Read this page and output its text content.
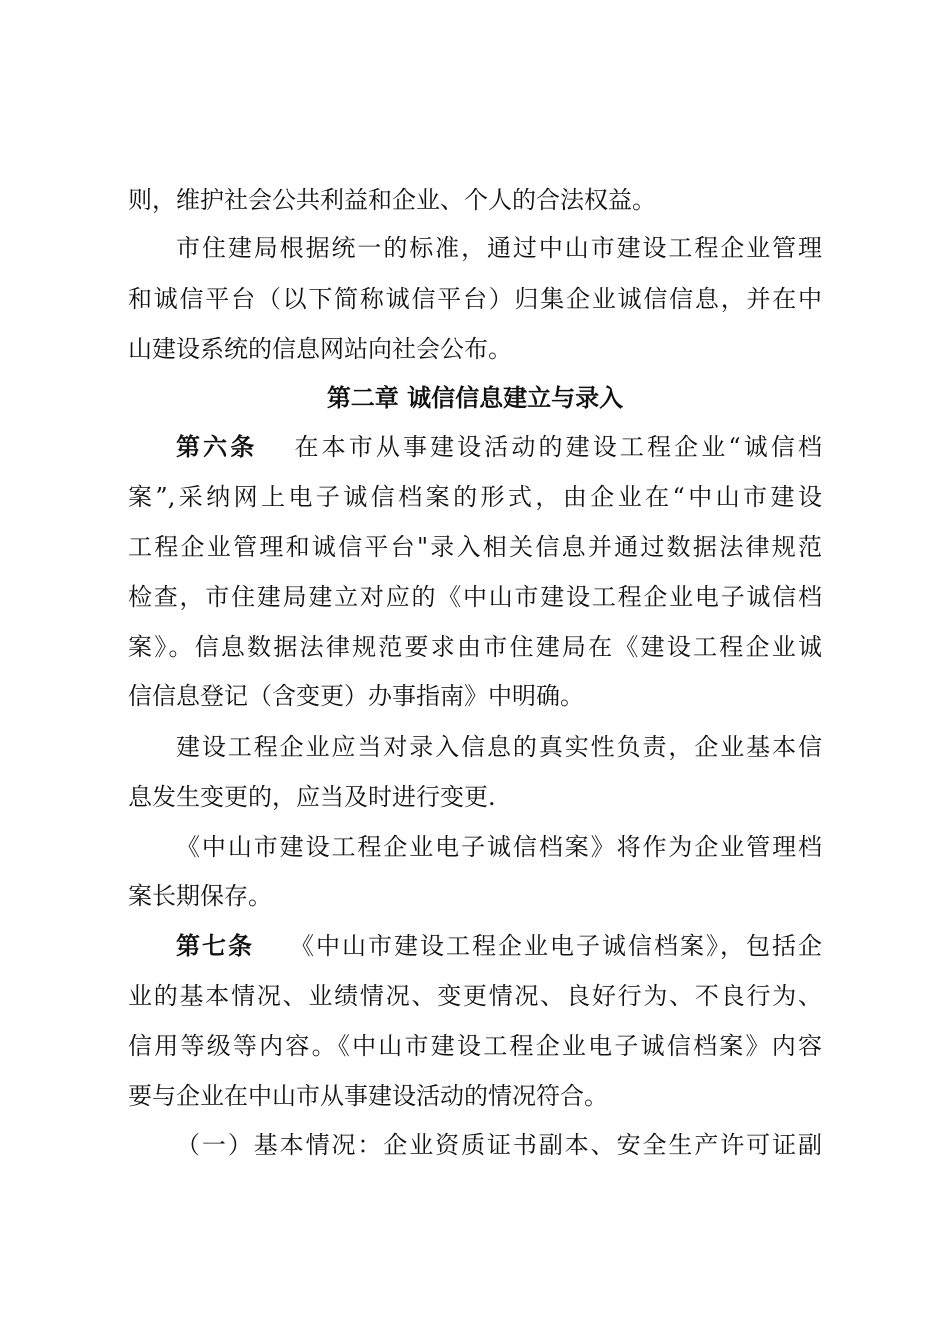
则，维护社会公共利益和企业、个人的合法权益。
市住建局根据统一的标准，通过中山市建设工程企业管理
和诚信平台（以下简称诚信平台）归集企业诚信信息，并在中
山建设系统的信息网站向社会公布。
第二章 诚信信息建立与录入
第六条 在本市从事建设活动的建设工程企业“诚信档
案”,采纳网上电子诚信档案的形式，由企业在“中山市建设
工程企业管理和诚信平台"录入相关信息并通过数据法律规范
检查，市住建局建立对应的《中山市建设工程企业电子诚信档
案》。信息数据法律规范要求由市住建局在《建设工程企业诚
信信息登记（含变更）办事指南》中明确。
建设工程企业应当对录入信息的真实性负责，企业基本信
息发生变更的，应当及时进行变更.
《中山市建设工程企业电子诚信档案》将作为企业管理档
案长期保存。
第七条 《中山市建设工程企业电子诚信档案》，包括企
业的基本情况、业绩情况、变更情况、良好行为、不良行为、
信用等级等内容。《中山市建设工程企业电子诚信档案》内容
要与企业在中山市从事建设活动的情况符合。
（一）基本情况：企业资质证书副本、安全生产许可证副
